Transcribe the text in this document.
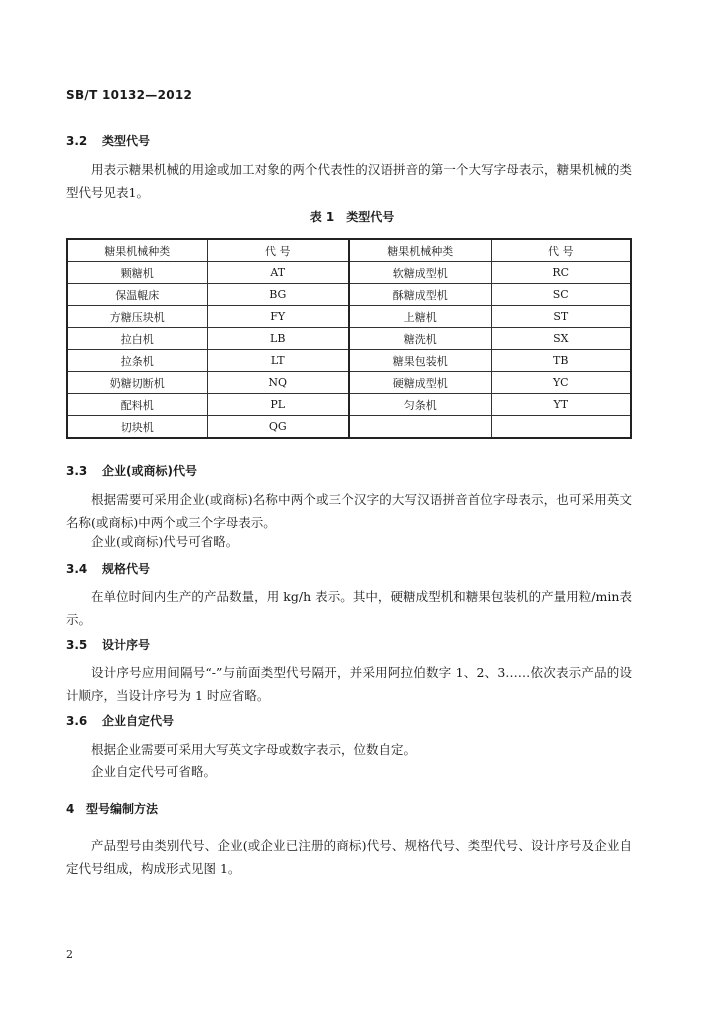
SB/T 10132—2012
3.2 类型代号
用表示糖果机械的用途或加工对象的两个代表性的汉语拼音的第一个大写字母表示，糖果机械的类型代号见表1。
表 1　类型代号
糖果机械种类	代 号	糖果机械种类	代 号
颗糖机	AT	软糖成型机	RC
保温輥床	BG	酥糖成型机	SC
方糖压块机	FY	上糖机	ST
拉白机	LB	糖洗机	SX
拉条机	LT	糖果包装机	TB
奶糖切断机	NQ	硬糖成型机	YC
配料机	PL	匀条机	YT
切块机	QG		
3.3 企业(或商标)代号
根据需要可采用企业(或商标)名称中两个或三个汉字的大写汉语拼音首位字母表示，也可采用英文名称(或商标)中两个或三个字母表示。
企业(或商标)代号可省略。
3.4 规格代号
在单位时间内生产的产品数量，用 kg/h 表示。其中，硬糖成型机和糖果包装机的产量用粒/min表示。
3.5 设计序号
设计序号应用间隔号“-”与前面类型代号隔开，并采用阿拉伯数字 1、2、3……依次表示产品的设计顺序，当设计序号为 1 时应省略。
3.6 企业自定代号
根据企业需要可采用大写英文字母或数字表示，位数自定。
企业自定代号可省略。
4 型号编制方法
产品型号由类别代号、企业(或企业已注册的商标)代号、规格代号、类型代号、设计序号及企业自定代号组成，构成形式见图 1。
2
